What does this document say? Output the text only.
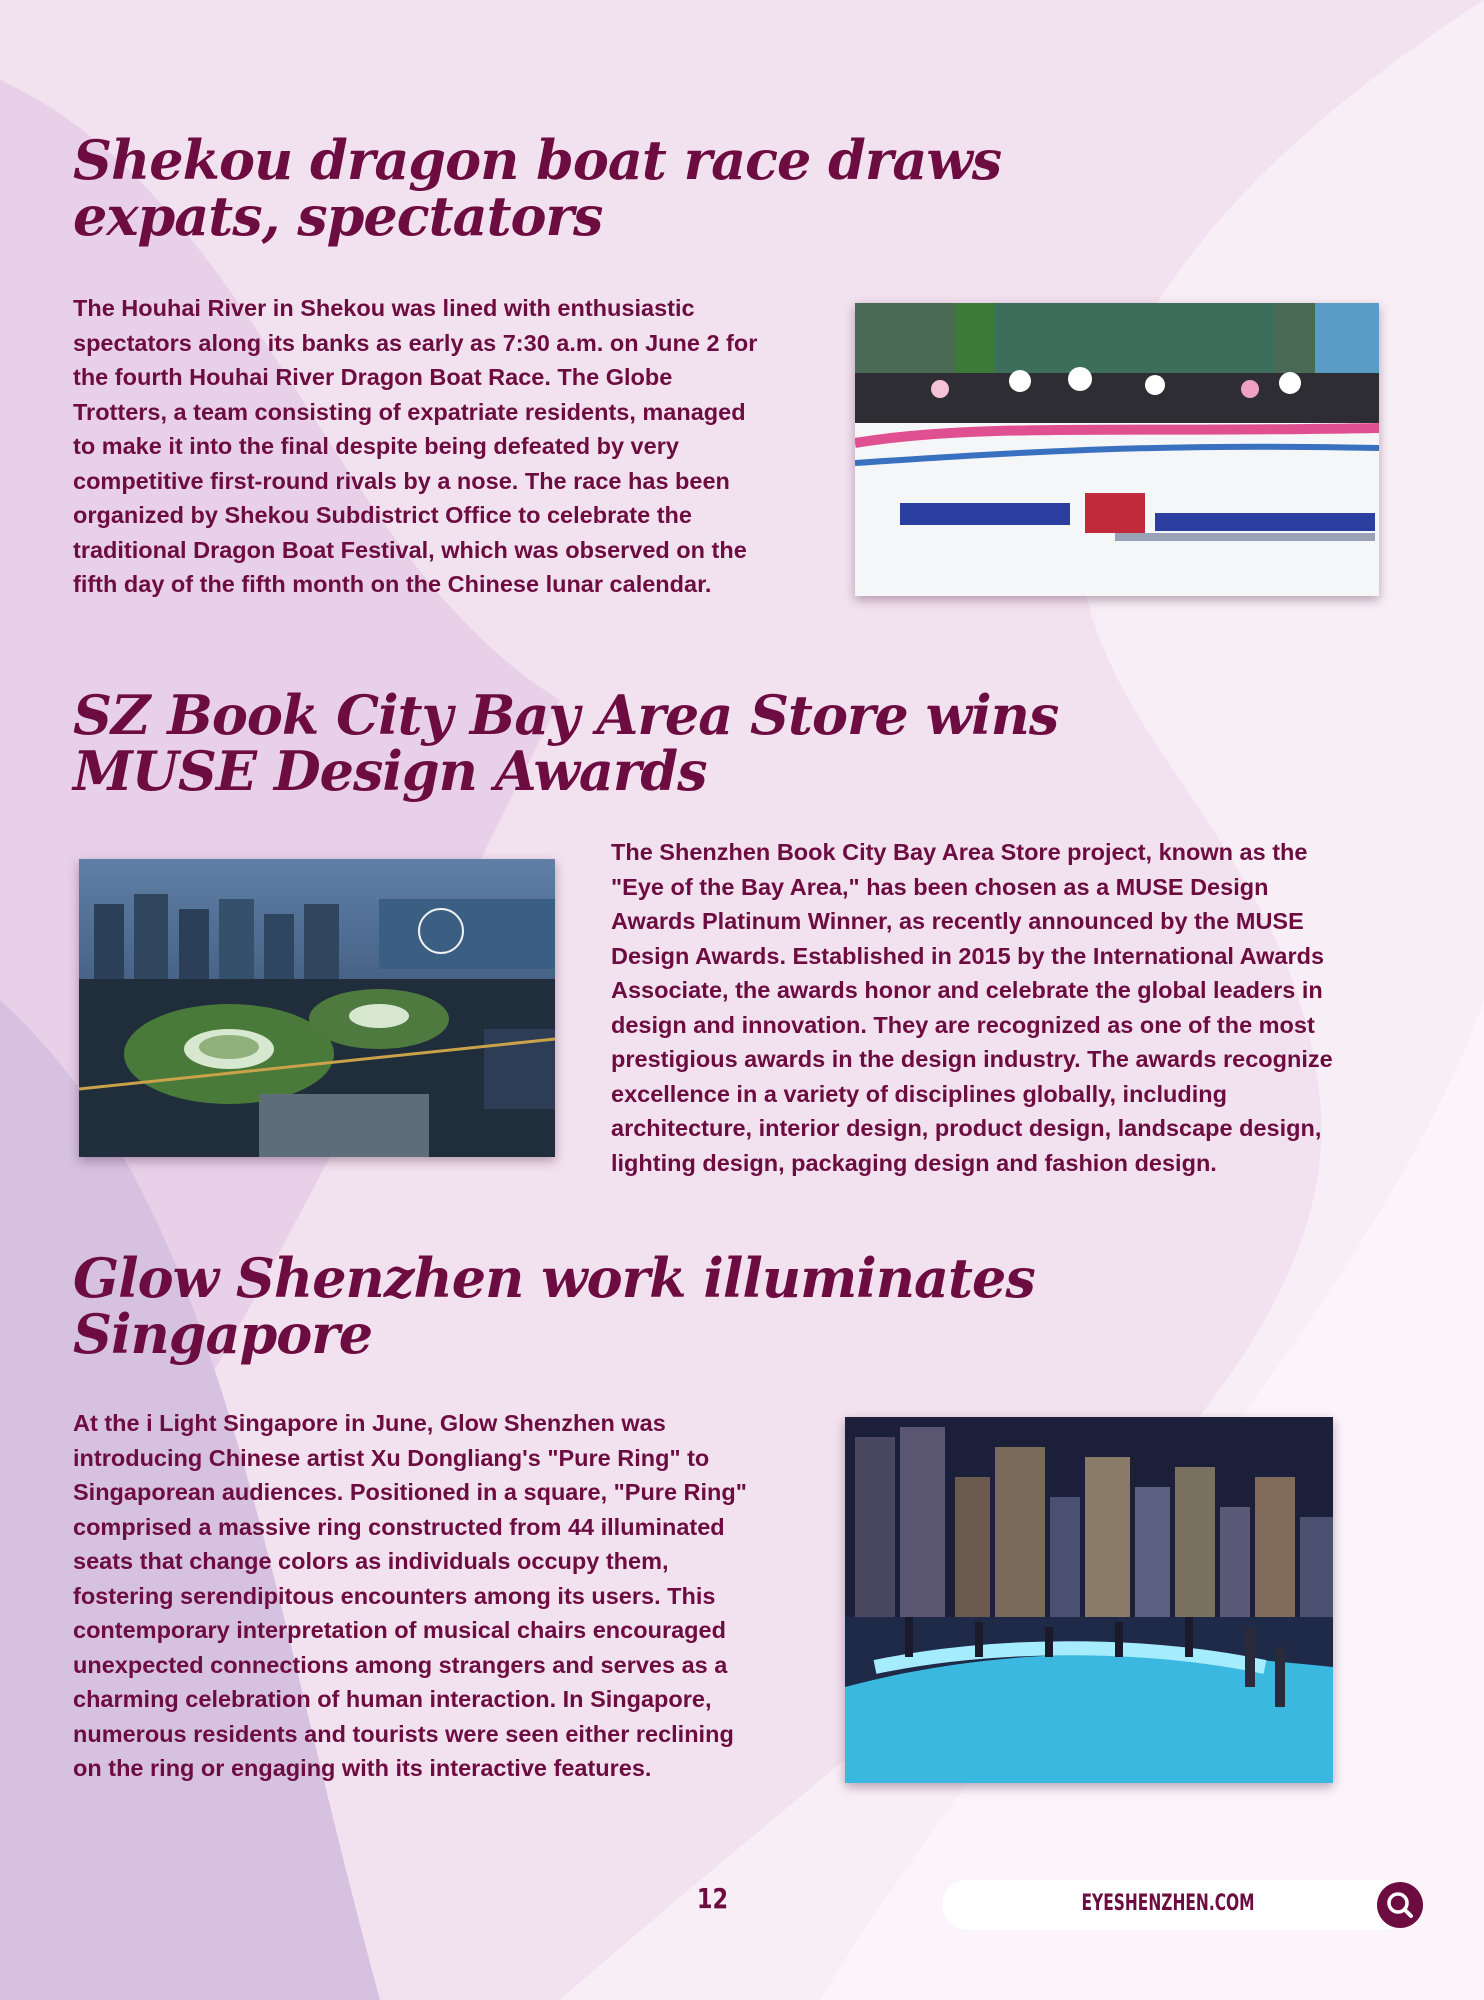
Shekou dragon boat race draws
expats, spectators

The Houhai River in Shekou was lined with enthusiastic
spectators along its banks as early as 7:30 a.m. on June 2 for
the fourth Houhai River Dragon Boat Race. The Globe
Trotters, a team consisting of expatriate residents, managed
to make it into the final despite being defeated by very
competitive first-round rivals by a nose. The race has been
organized by Shekou Subdistrict Office to celebrate the
traditional Dragon Boat Festival, which was observed on the
fifth day of the fifth month on the Chinese lunar calendar.

SZ Book City Bay Area Store wins
MUSE Design Awards

The Shenzhen Book City Bay Area Store project, known as the
"Eye of the Bay Area," has been chosen as a MUSE Design
Awards Platinum Winner, as recently announced by the MUSE
Design Awards. Established in 2015 by the International Awards
Associate, the awards honor and celebrate the global leaders in
design and innovation. They are recognized as one of the most
prestigious awards in the design industry. The awards recognize
excellence in a variety of disciplines globally, including
architecture, interior design, product design, landscape design,
lighting design, packaging design and fashion design.

Glow Shenzhen work illuminates
Singapore

At the i Light Singapore in June, Glow Shenzhen was
introducing Chinese artist Xu Dongliang's "Pure Ring" to
Singaporean audiences. Positioned in a square, "Pure Ring"
comprised a massive ring constructed from 44 illuminated
seats that change colors as individuals occupy them,
fostering serendipitous encounters among its users. This
contemporary interpretation of musical chairs encouraged
unexpected connections among strangers and serves as a
charming celebration of human interaction. In Singapore,
numerous residents and tourists were seen either reclining
on the ring or engaging with its interactive features.

12	EYESHENZHEN.COM
